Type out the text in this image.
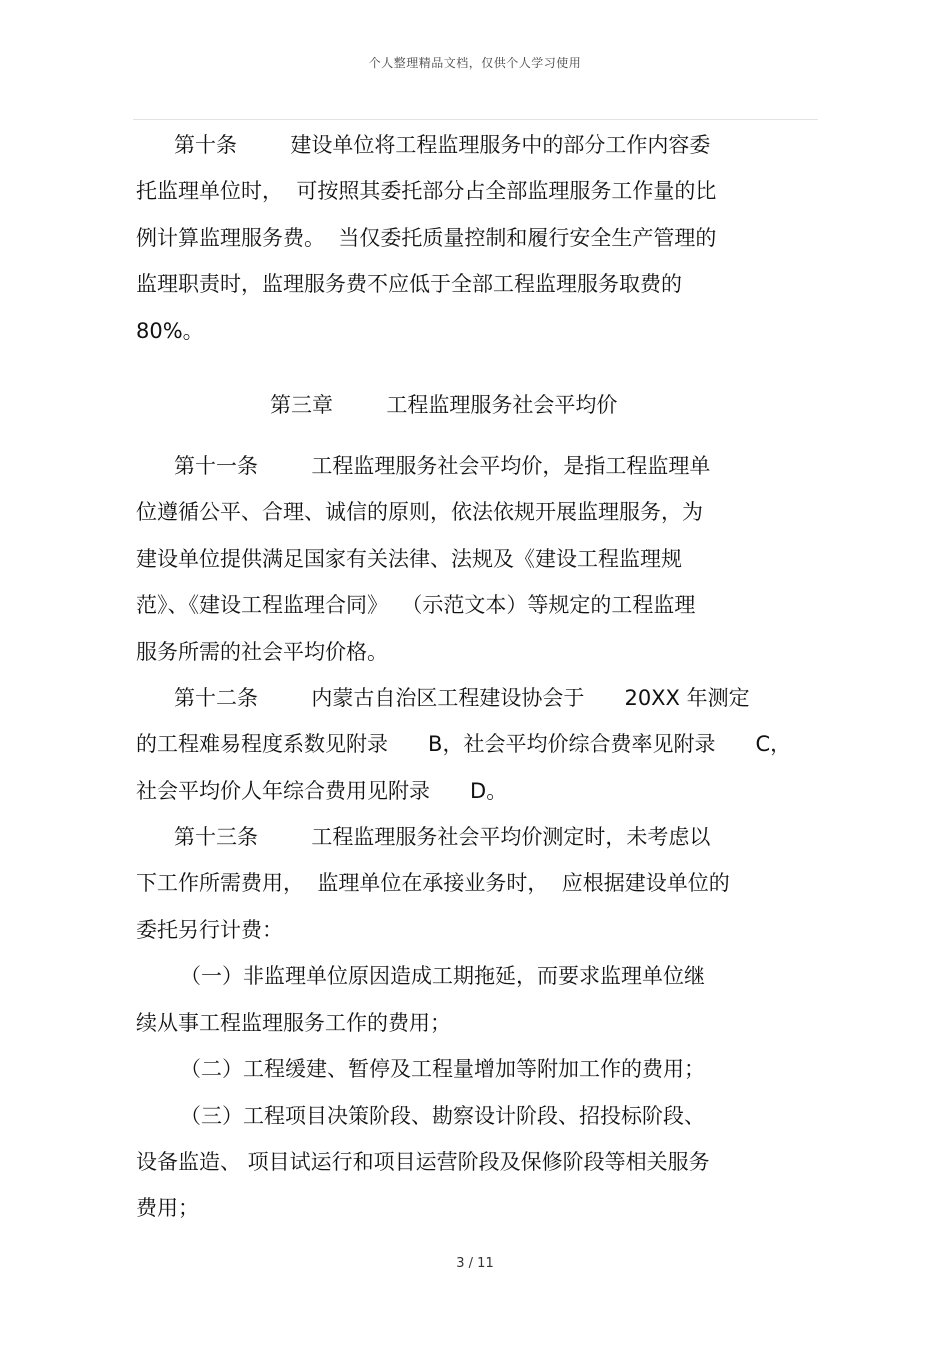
个人整理精品文档，仅供个人学习使用
第十条        建设单位将工程监理服务中的部分工作内容委
托监理单位时，  可按照其委托部分占全部监理服务工作量的比
例计算监理服务费。  当仅委托质量控制和履行安全生产管理的
监理职责时，监理服务费不应低于全部工程监理服务取费的
80%。
第三章        工程监理服务社会平均价
第十一条        工程监理服务社会平均价，是指工程监理单
位遵循公平、合理、诚信的原则，依法依规开展监理服务，为
建设单位提供满足国家有关法律、法规及《建设工程监理规
范》、《建设工程监理合同》  （示范文本）等规定的工程监理
服务所需的社会平均价格。
第十二条        内蒙古自治区工程建设协会于      20XX 年测定
的工程难易程度系数见附录      B，社会平均价综合费率见附录      C，
社会平均价人年综合费用见附录      D。
第十三条        工程监理服务社会平均价测定时，未考虑以
下工作所需费用，  监理单位在承接业务时，  应根据建设单位的
委托另行计费：
（一）非监理单位原因造成工期拖延，而要求监理单位继
续从事工程监理服务工作的费用；
（二）工程缓建、暂停及工程量增加等附加工作的费用；
（三）工程项目决策阶段、勘察设计阶段、招投标阶段、
设备监造、 项目试运行和项目运营阶段及保修阶段等相关服务
费用；
3 / 11
